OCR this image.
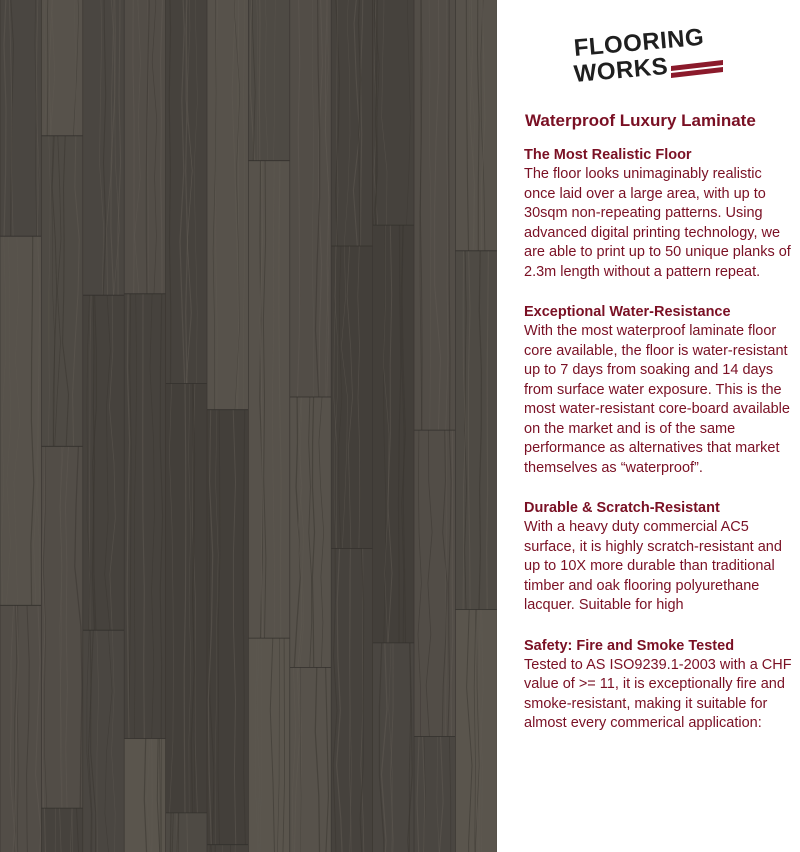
FLOORING
WORKS
Waterproof Luxury Laminate
The Most Realistic Floor

The floor looks unimaginably realistic once laid over a large area, with up to 30sqm non-repeating patterns. Using advanced digital printing technology, we are able to print up to 50 unique planks of 2.3m length without a pattern repeat.

Exceptional Water-Resistance

With the most waterproof laminate floor core available, the floor is water-resistant up to 7 days from soaking and 14 days from surface water exposure. This is the most water-resistant core-board available on the market and is of the same performance as alternatives that market themselves as “waterproof”.

Durable & Scratch-Resistant

With a heavy duty commercial AC5 surface, it is highly scratch-resistant and up to 10X more durable than traditional timber and oak flooring polyurethane lacquer. Suitable for high

Safety: Fire and Smoke Tested

Tested to AS ISO9239.1-2003 with a CHF value of >= 11, it is exceptionally fire and smoke-resistant, making it suitable for almost every commerical application:
